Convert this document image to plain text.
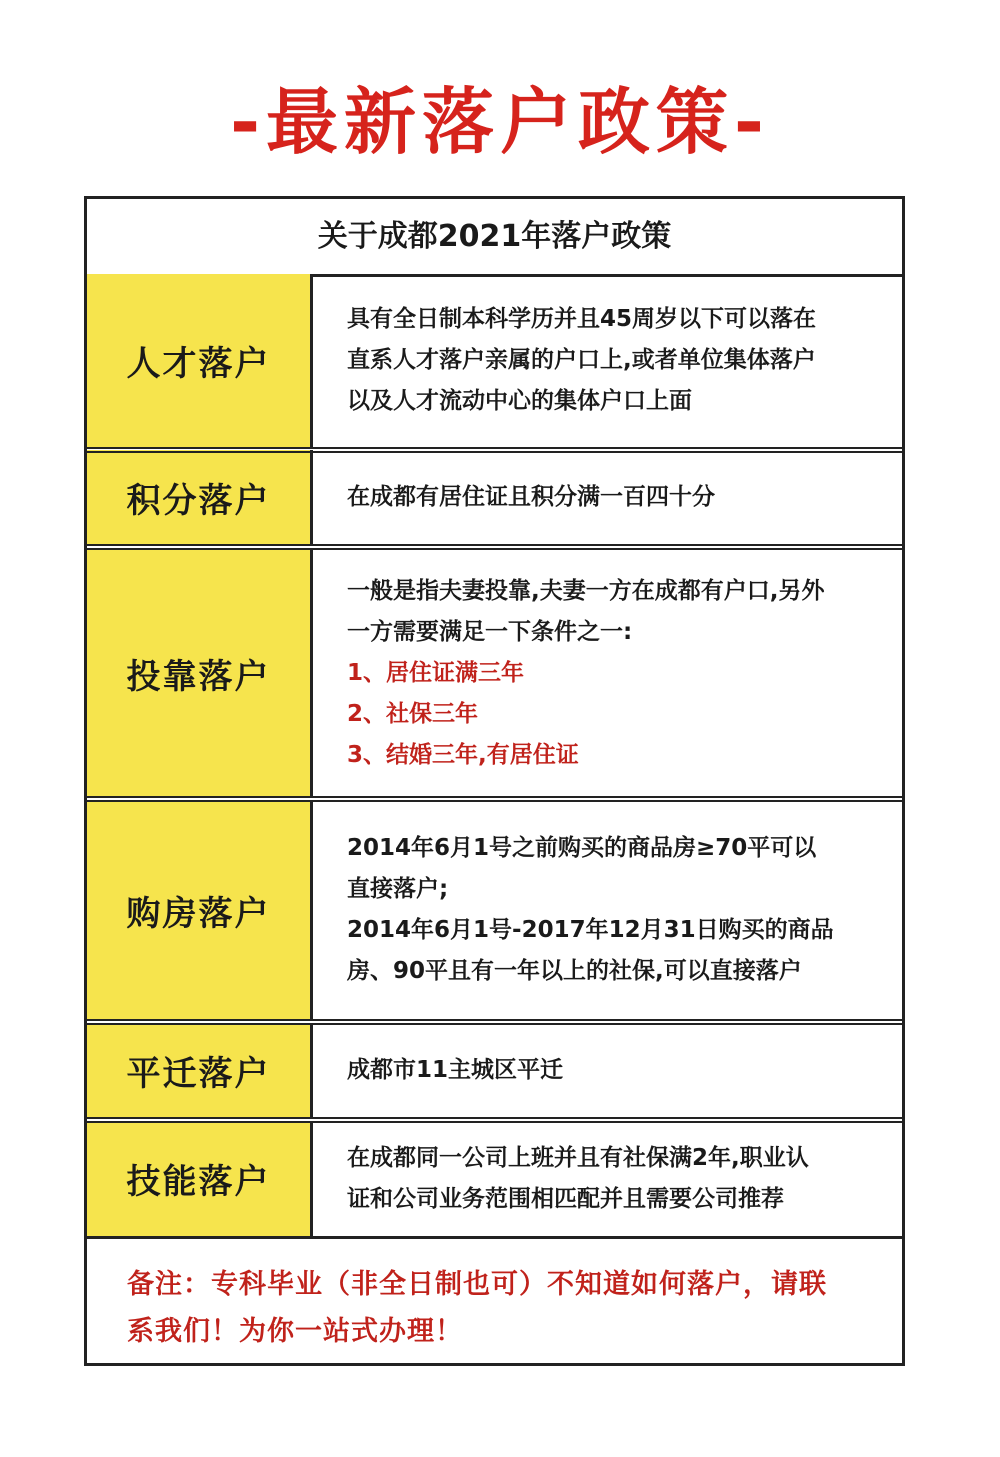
-最新落户政策-
关于成都2021年落户政策
人才落户
具有全日制本科学历并且45周岁以下可以落在
直系人才落户亲属的户口上,或者单位集体落户
以及人才流动中心的集体户口上面
积分落户	在成都有居住证且积分满一百四十分
投靠落户
一般是指夫妻投靠,夫妻一方在成都有户口,另外
一方需要满足一下条件之一:
1、居住证满三年
2、社保三年
3、结婚三年,有居住证
购房落户
2014年6月1号之前购买的商品房≥70平可以
直接落户;
2014年6月1号-2017年12月31日购买的商品
房、90平且有一年以上的社保,可以直接落户
平迁落户	成都市11主城区平迁
技能落户
在成都同一公司上班并且有社保满2年,职业认
证和公司业务范围相匹配并且需要公司推荐
备注：专科毕业（非全日制也可）不知道如何落户，请联
系我们！为你一站式办理！
